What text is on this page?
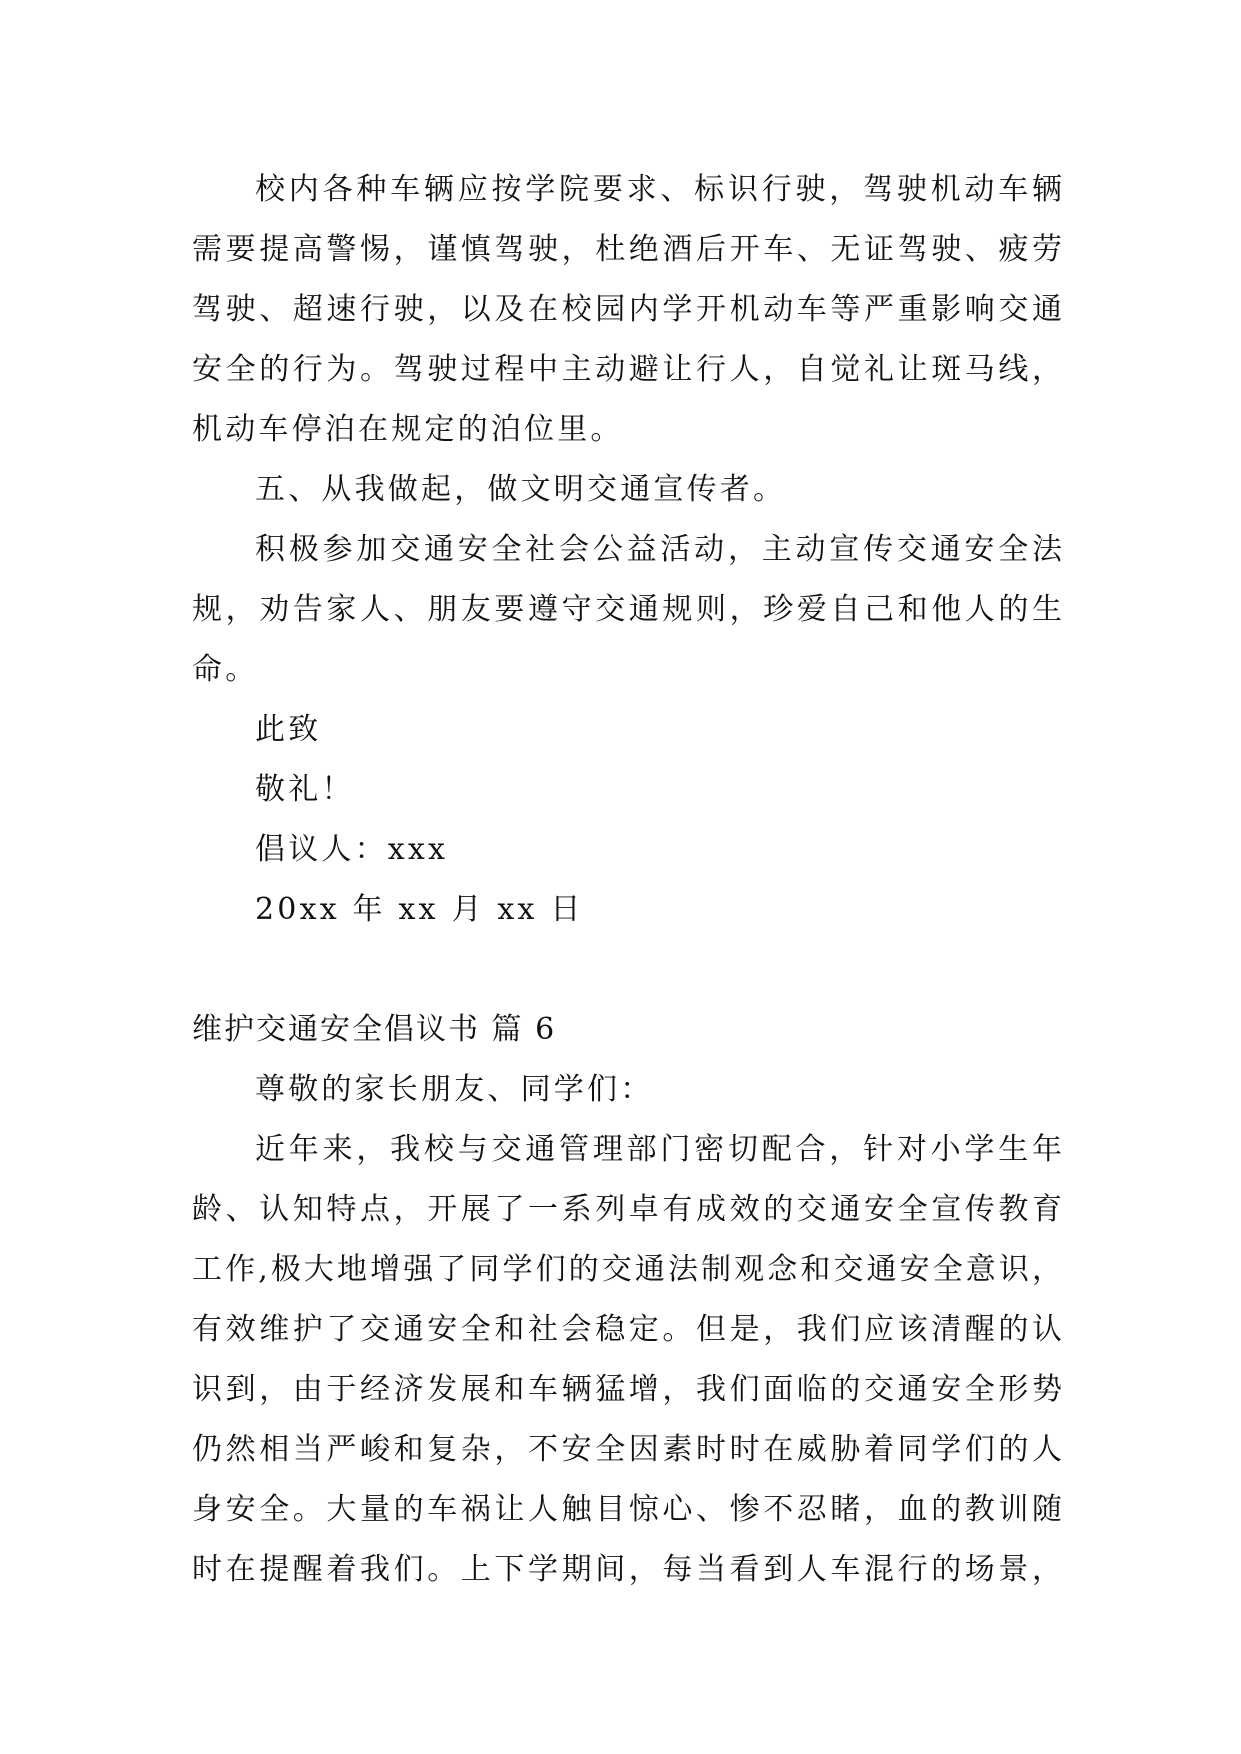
校内各种车辆应按学院要求、标识行驶，驾驶机动车辆
需要提高警惕，谨慎驾驶，杜绝酒后开车、无证驾驶、疲劳
驾驶、超速行驶，以及在校园内学开机动车等严重影响交通
安全的行为。驾驶过程中主动避让行人，自觉礼让斑马线，
机动车停泊在规定的泊位里。
五、从我做起，做文明交通宣传者。
积极参加交通安全社会公益活动，主动宣传交通安全法
规，劝告家人、朋友要遵守交通规则，珍爱自己和他人的生
命。
此致
敬礼！
倡议人：xxx
20xx 年 xx 月 xx 日
维护交通安全倡议书 篇 6
尊敬的家长朋友、同学们：
近年来，我校与交通管理部门密切配合，针对小学生年
龄、认知特点，开展了一系列卓有成效的交通安全宣传教育
工作,极大地增强了同学们的交通法制观念和交通安全意识，
有效维护了交通安全和社会稳定。但是，我们应该清醒的认
识到，由于经济发展和车辆猛增，我们面临的交通安全形势
仍然相当严峻和复杂，不安全因素时时在威胁着同学们的人
身安全。大量的车祸让人触目惊心、惨不忍睹，血的教训随
时在提醒着我们。上下学期间，每当看到人车混行的场景，
